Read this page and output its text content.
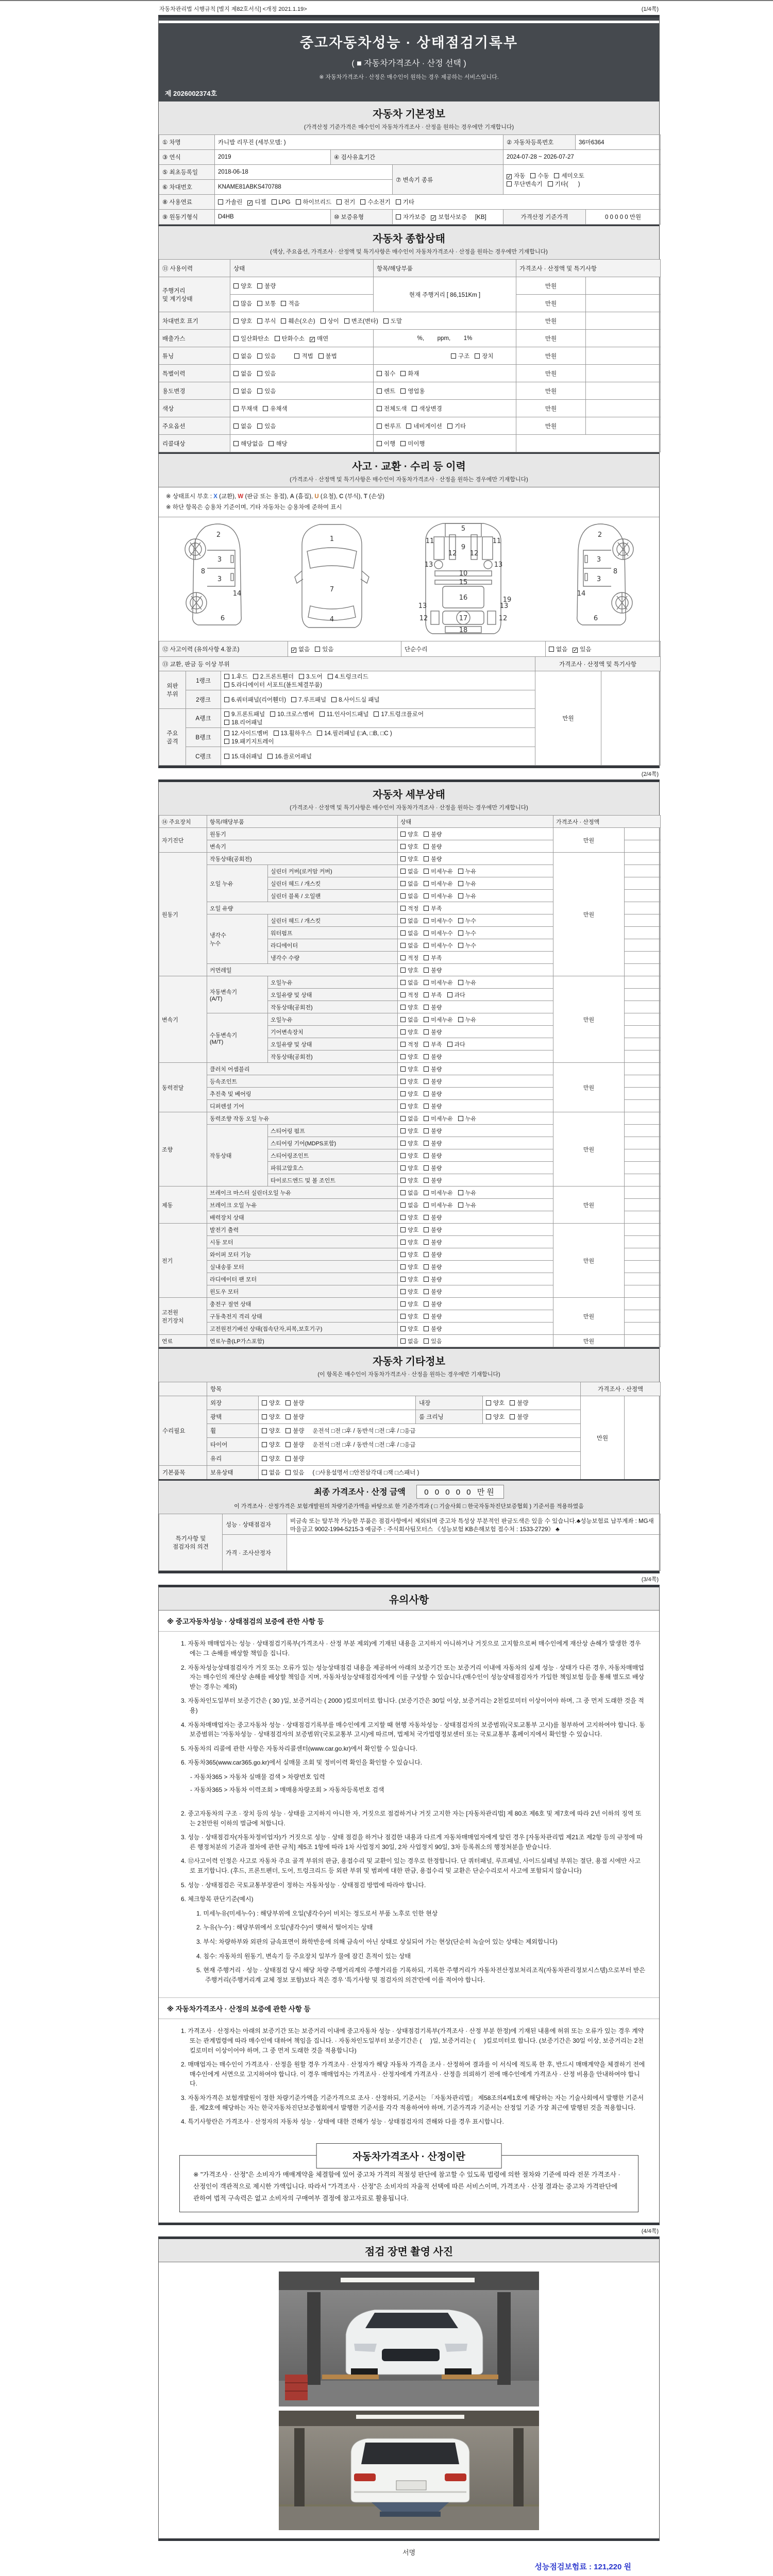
자동차관리법 시행규칙 [별지 제82호서식] <개정 2021.1.19>	(1/4쪽)
중고자동차성능 · 상태점검기록부
( ■ 자동차가격조사 · 산정 선택 )
※ 자동차가격조사 · 산정은 매수인이 원하는 경우 제공하는 서비스입니다.
제 2026002374호
자동차 기본정보
(가격산정 기준가격은 매수인이 자동차가격조사 · 산정을 원하는 경우에만 기재합니다)
① 차명	카니발 리무진 (세부모델: )			② 자동차등록번호	36마6364	
③ 연식	2019	④ 검사유효기간		2024-07-28 ~ 2026-07-27		
⑤ 최초등록일	2018-06-18		⑦ 변속기 종류	✓자동 수동 세미오토
무단변속기 기타(      )
⑥ 차대번호	KNAME81ABKS470788					
⑧ 사용연료	가솔린 ✓ 디젤 LPG 하이브리드 전기 수소전기 기타
⑨ 원동기형식	D4HB	⑩ 보증유형	자가보증 ✓ 보험사보증 [KB]	가격산정 기준가격		0 0 0 0 0 만원
자동차 종합상태
(색상, 주요옵션, 가격조사 · 산정액 및 특기사항은 매수인이 자동차가격조사 · 산정을 원하는 경우에만 기재합니다)
⑪ 사용이력	상태	항목/해당부품	가격조사 · 산정액 및 특기사항	
주행거리
및 계기상태	양호 불량	현재 주행거리 [ 86,151Km ]	만원	
	많음 보통 적음		만원	
차대번호 표기	양호 부식 훼손(오손) 상이 변조(변타) 도말		만원	
배출가스	일산화탄소 탄화수소 ✓ 매연	%,        ppm,        1%	만원	
튜닝	없음 있음 적법 불법	구조 장치	만원	
특별이력	없음 있음	침수 화재	만원	
용도변경	없음 있음	렌트 영업용	만원	
색상	무채색 유채색	전체도색 색상변경	만원	
주요옵션	없음 있음	썬루프 네비게이션 기타	만원	
리콜대상	해당없음 해당	이행 미이행		
사고 · 교환 · 수리 등 이력
(가격조사 · 산정액 및 특기사항은 매수인이 자동차가격조사 · 산정을 원하는 경우에만 기재합니다)
※ 상태표시 부호 : X (교환), W (판금 또는 용접), A (흠집), U (요철), C (부식), T (손상)
※ 하단 항목은 승용차 기준이며, 기타 자동차는 승용차에 준하여 표시
2
8
3
14
3
6
1
7
4
5
9
11	11
13	13
12 12
10
15
16	19
13	13
12	12
17
18
2
8
3
14
3
6
⑫ 사고이력 (유의사항 4.참조)	✓없음 있음	단순수리	없음 ✓ 있음
⑬ 교환, 판금 등 이상 부위	가격조사 · 산정액 및 특기사항
외판
부위	1랭크	1.후드 2.프론트휀더 3.도어 4.트렁크리드
5.라디에이터 서포트(볼트체결부품)	만원	
	2랭크	6.쿼터패널(리어휀더) 7.루프패널 8.사이드실 패널		
주요
골격	A랭크	9.프론트패널 10.크로스멤버 11.인사이드패널 17.트렁크플로어
18.리어패널		
	B랭크	12.사이드멤버 13.휠하우스 14.필러패널 (□A, □B, □C )
19.패키지트레이		
	C랭크	15.대쉬패널 16.플로어패널		
(2/4쪽)
자동차 세부상태
(가격조사 · 산정액 및 특기사항은 매수인이 자동차가격조사 · 산정을 원하는 경우에만 기재합니다)
⑭ 주요장치	항목/해당부품		상태	가격조사 · 산정액	
자기진단	원동기		양호 불량	만원	
	변속기		양호 불량		
원동기	작동상태(공회전)		양호 불량	만원	
	오일 누유	실린더 커버(로커암 커버)	없음 미세누유 누유		
		실린더 헤드 / 개스킷	없음 미세누유 누유		
		실린더 블록 / 오일팬	없음 미세누유 누유		
	오일 유량		적정 부족		
	냉각수
누수	실린더 헤드 / 개스킷	없음 미세누수 누수		
		워터펌프	없음 미세누수 누수		
		라디에이터	없음 미세누수 누수		
		냉각수 수량	적정 부족		
	커먼레일		양호 불량		
변속기	자동변속기
(A/T)	오일누유	없음 미세누유 누유	만원	
		오일유량 및 상태	적정 부족 과다		
		작동상태(공회전)	양호 불량		
	수동변속기
(M/T)	오일누유	없음 미세누유 누유		
		기어변속장치	양호 불량		
		오일유량 및 상태	적정 부족 과다		
		작동상태(공회전)	양호 불량		
동력전달	클러치 어셈블리		양호 불량	만원	
	등속조인트		양호 불량		
	추진축 및 베어링		양호 불량		
	디퍼렌셜 기어		양호 불량		
조향	동력조향 작동 오일 누유		없음 미세누유 누유	만원	
	작동상태	스티어링 펌프	양호 불량		
		스티어링 기어(MDPS포함)	양호 불량		
		스티어링조인트	양호 불량		
		파워고압호스	양호 불량		
		타이로드엔드 및 볼 조인트	양호 불량		
제동	브레이크 마스터 실린더오일 누유		없음 미세누유 누유	만원	
	브레이크 오일 누유		없음 미세누유 누유		
	배력장치 상태		양호 불량		
전기	발전기 출력		양호 불량	만원	
	시동 모터		양호 불량		
	와이퍼 모터 기능		양호 불량		
	실내송풍 모터		양호 불량		
	라디에이터 팬 모터		양호 불량		
	윈도우 모터		양호 불량		
고전원
전기장치	충전구 절연 상태		양호 불량	만원	
	구동축전지 격리 상태		양호 불량		
	고전원전기배선 상태(접속단자,피복,보호기구)		양호 불량		
연료	연료누출(LP가스포함)		없음 있음	만원	
자동차 기타정보
(이 항목은 매수인이 자동차가격조사 · 산정을 원하는 경우에만 기재합니다)
	항목				가격조사 · 산정액	
수리필요	외장	양호 불량	내장	양호 불량	만원	
	광택	양호 불량	룸 크리닝	양호 불량		
	휠	양호 불량 운전석 □전 □후 / 동반석 □전 □후 / □응급				
	타이어	양호 불량 운전석 □전 □후 / 동반석 □전 □후 / □응급				
	유리	양호 불량				
기본품목	보유상태	없음 있음 ( □사용설명서 □안전삼각대 □잭 □스패너 )				
최종 가격조사 · 산정 금액 0 0 0 0 0 만원
이 가격조사 · 산정가격은 보험개발원의 차량기준가액을 바탕으로 한 기준가격과 ( □ 기술사회 □ 한국자동차진단보증협회 ) 기준서를 적용하였음
특기사항 및
점검자의 의견	성능 · 상태점검자	비금속 또는 탈부착 가능한 부품은 점검사항에서 제외되며 중고차 특성상 부분적인 판금도색은 있을 수 있습니다.♣성능보험료 납부계좌 : MG새마을금고 9002-1994-5215-3 예금주 : 주식회사팀모터스 《성능보험 KB손해보험 접수처 : 1533-2729》 ♣
	가격 · 조사산정자	
(3/4쪽)
유의사항
※ 중고자동차성능 · 상태점검의 보증에 관한 사항 등
1. 자동차 매매업자는 성능 · 상태점검기록부(가격조사 · 산정 부분 제외)에 기재된 내용을 고지하지 아니하거나 거짓으로 고지함으로써 매수인에게 재산상 손해가 발생한 경우에는 그 손해를 배상할 책임을 집니다.
2. 자동차성능상태점검자가 거짓 또는 오류가 있는 성능상태점검 내용을 제공하여 아래의 보증기간 또는 보증거리 이내에 자동차의 실제 성능 · 상태가 다른 경우, 자동차매매업자는 매수인의 재산상 손해를 배상할 책임을 지며, 자동차성능상태점검자에게 이를 구상할 수 있습니다.(매수인이 성능상태점검자가 가입한 책임보험 등을 통해 별도로 배상받는 경우는 제외)
3. 자동차인도일부터 보증기간은 ( 30 )일, 보증거리는 ( 2000 )킬로미터로 합니다. (보증기간은 30일 이상, 보증거리는 2천킬로미터 이상이어야 하며, 그 중 먼저 도래한 것을 적용)
4. 자동차매매업자는 중고자동차 성능 · 상태점검기록부를 매수인에게 고지할 때 현행 자동차성능 · 상태점검자의 보증범위(국토교통부 고시)를 첨부하여 고지하여야 합니다. 동 보증범위는 '자동차성능 · 상태점검자의 보증범위'(국토교통부 고시)에 따르며, 법제처 국가법령정보센터 또는 국토교통부 홈페이지에서 확인할 수 있습니다.
5. 자동차의 리콜에 관한 사항은 자동차리콜센터(www.car.go.kr)에서 확인할 수 있습니다.
6. 자동차365(www.car365.go.kr)에서 실매물 조회 및 정비이력 확인을 확인할 수 있습니다.
- 자동차365 > 자동차 실매물 검색 > 차량번호 입력
- 자동차365 > 자동차 이력조회 > 매매용차량조회 > 자동차등록번호 검색
2. 중고자동차의 구조 · 장치 등의 성능 · 상태를 고지하지 아니한 자, 거짓으로 점검하거나 거짓 고지한 자는 [자동차관리법] 제 80조 제6호 및 제7호에 따라 2년 이하의 징역 또는 2천만원 이하의 벌금에 처합니다.
3. 성능 · 상태점검자(자동차정비업자)가 거짓으로 성능 · 상태 점검을 하거나 점검한 내용과 다르게 자동차매매업자에게 알린 경우 [자동차관리법 제21조 제2항 등의 규정에 따른 행정처분의 기준과 절차에 관한 규칙] 제5조 1항에 따라 1차 사업정지 30일, 2차 사업정지 90일, 3차 등록취소의 행정처분을 받습니다.
4. ⑫사고이력 인정은 사고로 자동차 주요 골격 부위의 판금, 용접수리 및 교환이 있는 경우로 한정합니다. 단 쿼터패널, 루프패널, 사이드실패널 부위는 절단, 용접 시에만 사고로 표기합니다. (후드, 프론트펜더, 도어, 트렁크리드 등 외판 부위 및 범퍼에 대한 판금, 용접수리 및 교환은 단순수리로서 사고에 포함되지 않습니다)
5. 성능 · 상태점검은 국토교통부장관이 정하는 자동차성능 · 상태점검 방법에 따라야 합니다.
6. 체크항목 판단기준(예시)
1. 미세누유(미세누수) : 해당부위에 오일(냉각수)이 비치는 정도로서 부품 노후로 인한 현상
2. 누유(누수) : 해당부위에서 오일(냉각수)이 맺혀서 떨어지는 상태
3. 부식: 차량하부와 외판의 금속표면이 화학반응에 의해 금속이 아닌 상태로 상실되어 가는 현상(단순히 녹슬어 있는 상태는 제외합니다)
4. 침수: 자동차의 원동기, 변속기 등 주요장치 일부가 물에 잠긴 흔적이 있는 상태
5. 현재 주행거리 · 성능 · 상태점검 당시 해당 차량 주행거리계의 주행거리를 기록하되, 기록한 주행거리가 자동차전산정보처리조직(자동차관리정보시스템)으로부터 받은 주행거리(주행거리계 교체 정보 포함)보다 적은 경우 '특기사항 및 점검자의 의견'란에 이를 적어야 합니다.
※ 자동차가격조사 · 산정의 보증에 관한 사항 등
1. 가격조사 · 산정자는 아래의 보증기간 또는 보증거리 이내에 중고자동차 성능 · 상태점검기록부(가격조사 · 산정 부분 한정)에 기재된 내용에 허위 또는 오류가 있는 경우 계약 또는 관계법령에 따라 매수인에 대하여 책임을 집니다. · 자동차인도일부터 보증기간은 (     )일, 보증거리는 (     )킬로미터로 합니다. (보증기간은 30일 이상, 보증거리는 2천킬로미터 이상이어야 하며, 그 중 먼저 도래한 것을 적용합니다)
2. 매매업자는 매수인이 가격조사 · 산정을 원할 경우 가격조사 · 산정자가 해당 자동차 가격을 조사 · 산정하여 결과를 이 서식에 적도록 한 후, 반드시 매매계약을 체결하기 전에 매수인에게 서면으로 고지하여야 합니다. 이 경우 매매업자는 가격조사 · 산정자에게 가격조사 · 산정을 의뢰하기 전에 매수인에게 가격조사 · 산정 비용을 안내하여야 합니다.
3. 자동차가격은 보험개발원이 정한 차량기준가액을 기준가격으로 조사 · 산정하되, 기준서는 「자동차관리법」 제58조의4제1호에 해당하는 자는 기술사회에서 발행한 기준서를, 제2호에 해당하는 자는 한국자동차진단보증협회에서 발행한 기준서를 각각 적용하여야 하며, 기준가격과 기준서는 산정일 기준 가장 최근에 발행된 것을 적용합니다.
4. 특기사항란은 가격조사 · 산정자의 자동차 성능 · 상태에 대한 견해가 성능 · 상태점검자의 견해와 다를 경우 표시합니다.
자동차가격조사 · 산정이란
※ "가격조사 · 산정"은 소비자가 매매계약을 체결함에 있어 중고차 가격의 적절성 판단에 참고할 수 있도록 법령에 의한 절차와 기준에 따라 전문 가격조사 · 산정인이 객관적으로 제시한 가액입니다. 따라서 "가격조사 · 산정"은 소비자의 자율적 선택에 따른 서비스이며, 가격조사 · 산정 결과는 중고차 가격판단에 관하여 법적 구속력은 없고 소비자의 구매여부 결정에 참고자료로 활용됩니다.
(4/4쪽)
점검 장면 촬영 사진
서명
성능점검보험료 : 121,220 원
